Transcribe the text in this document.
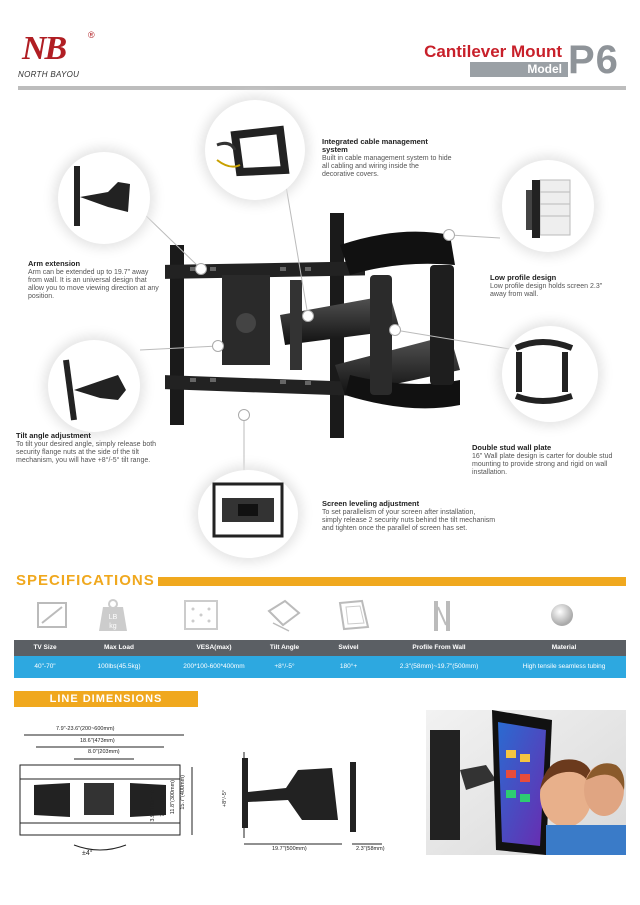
NB	®
NORTH BAYOU
Cantilever Mount
Model P6
Integrated cable management system
Built in cable management system to hide all cabling and wiring inside the decorative covers.
Arm extension
Arm can be extended up to 19.7" away from wall. It is an universal design that allow you to move viewing direction at any position.
Low profile design
Low profile design holds screen 2.3" away from wall.
Tilt angle adjustment
To tilt your desired angle, simply release both security flange nuts at the side of the tilt mechanism, you will have +8°/-5° tilt range.
Double stud wall plate
16" Wall plate design is carter for double stud mounting to provide strong and rigid on wall installation.
Screen leveling adjustment
To set parallelism of your screen after installation, simply release 2 security nuts behind the tilt mechanism and tighten once the parallel of screen has set.
SPECIFICATIONS
LB
kg
TV Size	Max Load	VESA(max)	Tilt Angle	Swivel	Profile From Wall	Material
40"-70"	100lbs(45.5kg)	200*100-600*400mm	+8°/-5°	180°+	2.3"(58mm)~19.7"(500mm)	High tensile seamless tubing
LINE DIMENSIONS
7.9"-23.6"(200~600mm)
18.6"(473mm)
8.0"(203mm)
3.9"(100mm) 7.9"(200mm) 11.8"(300mm) 15.7"(400mm)
±4°
+8°/-5°
19.7"(500mm)	2.3"(58mm)
